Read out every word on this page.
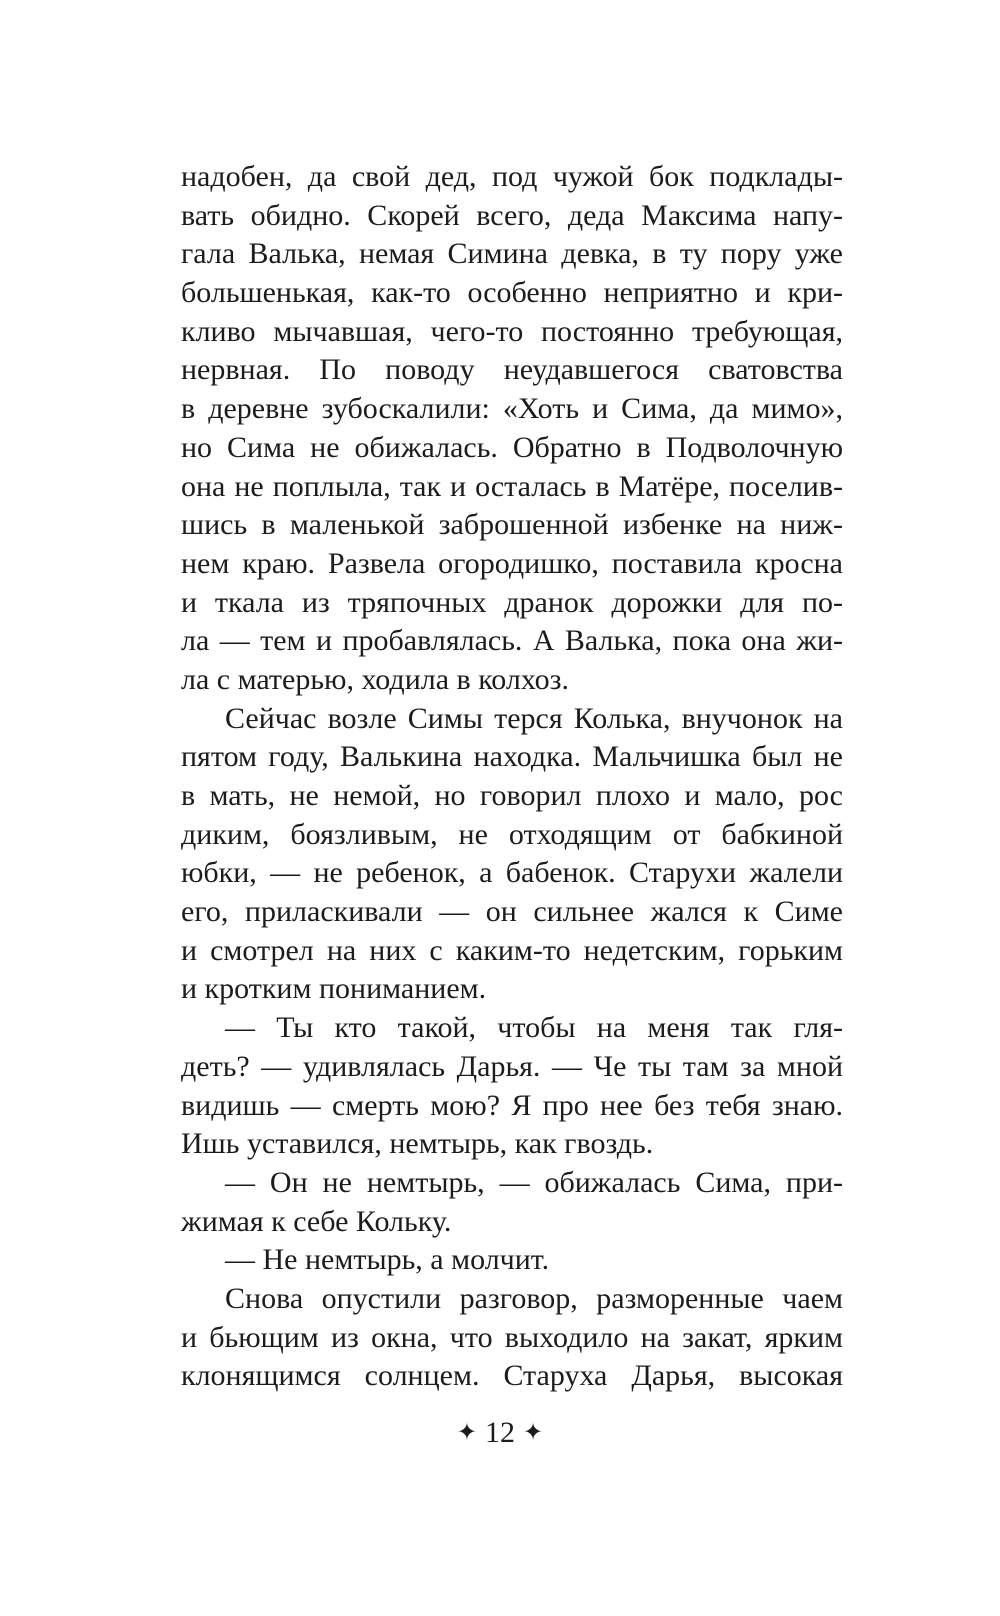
надобен, да свой дед, под чужой бок подклады-
вать обидно. Скорей всего, деда Максима напу-
гала Валька, немая Симина девка, в ту пору уже
большенькая, как-то особенно неприятно и кри-
кливо мычавшая, чего-то постоянно требующая,
нервная. По поводу неудавшегося сватовства
в деревне зубоскалили: «Хоть и Сима, да мимо»,
но Сима не обижалась. Обратно в Подволочную
она не поплыла, так и осталась в Матёре, поселив-
шись в маленькой заброшенной избенке на ниж-
нем краю. Развела огородишко, поставила кросна
и ткала из тряпочных дранок дорожки для по-
ла — тем и пробавлялась. А Валька, пока она жи-
ла с матерью, ходила в колхоз.
Сейчас возле Симы терся Колька, внучонок на
пятом году, Валькина находка. Мальчишка был не
в мать, не немой, но говорил плохо и мало, рос
диким, боязливым, не отходящим от бабкиной
юбки, — не ребенок, а бабенок. Старухи жалели
его, приласкивали — он сильнее жался к Симе
и смотрел на них с каким-то недетским, горьким
и кротким пониманием.
— Ты кто такой, чтобы на меня так гля-
деть? — удивлялась Дарья. — Че ты там за мной
видишь — смерть мою? Я про нее без тебя знаю.
Ишь уставился, немтырь, как гвоздь.
— Он не немтырь, — обижалась Сима, при-
жимая к себе Кольку.
— Не немтырь, а молчит.
Снова опустили разговор, разморенные чаем
и бьющим из окна, что выходило на закат, ярким
клонящимся солнцем. Старуха Дарья, высокая
✦ 12 ✦
